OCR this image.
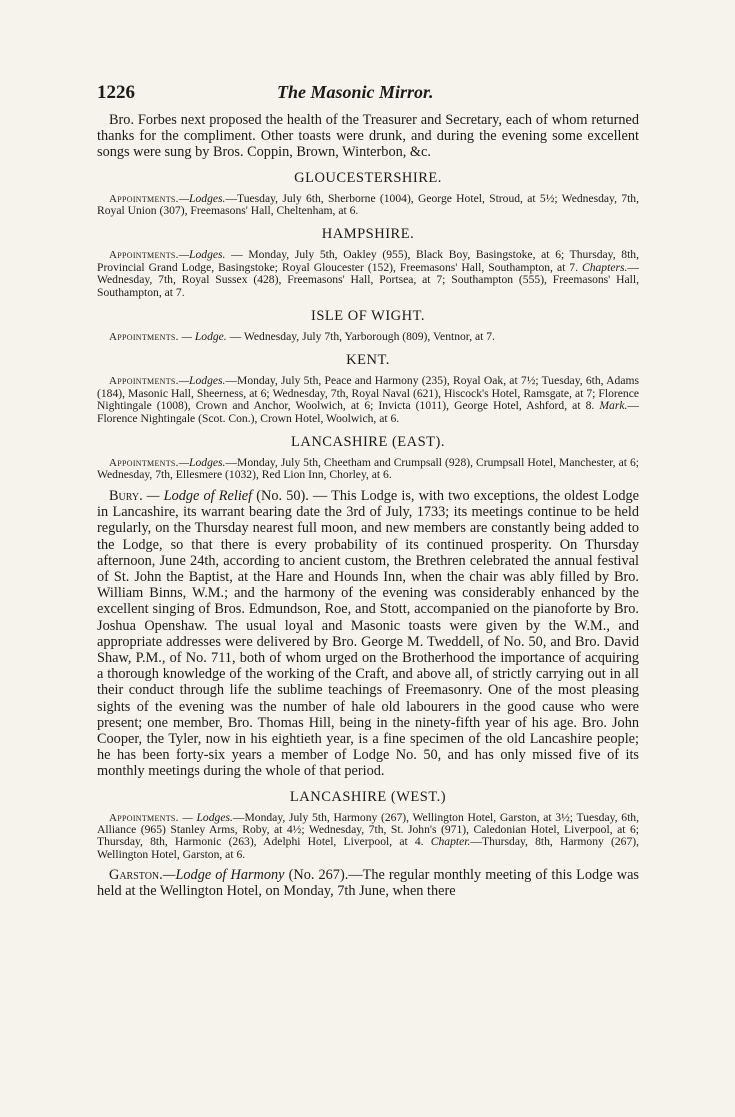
1226	The Masonic Mirror.

Bro. Forbes next proposed the health of the Treasurer and Secretary, each of whom returned thanks for the compliment. Other toasts were drunk, and during the evening some excellent songs were sung by Bros. Coppin, Brown, Winterbon, &c.

GLOUCESTERSHIRE.

Appointments.—Lodges.—Tuesday, July 6th, Sherborne (1004), George Hotel, Stroud, at 5½; Wednesday, 7th, Royal Union (307), Freemasons' Hall, Cheltenham, at 6.

HAMPSHIRE.

Appointments.—Lodges. — Monday, July 5th, Oakley (955), Black Boy, Basingstoke, at 6; Thursday, 8th, Provincial Grand Lodge, Basingstoke; Royal Gloucester (152), Freemasons' Hall, Southampton, at 7. Chapters.—Wednesday, 7th, Royal Sussex (428), Freemasons' Hall, Portsea, at 7; Southampton (555), Freemasons' Hall, Southampton, at 7.

ISLE OF WIGHT.

Appointments. — Lodge. — Wednesday, July 7th, Yarborough (809), Ventnor, at 7.

KENT.

Appointments.—Lodges.—Monday, July 5th, Peace and Harmony (235), Royal Oak, at 7½; Tuesday, 6th, Adams (184), Masonic Hall, Sheerness, at 6; Wednesday, 7th, Royal Naval (621), Hiscock's Hotel, Ramsgate, at 7; Florence Nightingale (1008), Crown and Anchor, Woolwich, at 6; Invicta (1011), George Hotel, Ashford, at 8. Mark.—Florence Nightingale (Scot. Con.), Crown Hotel, Woolwich, at 6.

LANCASHIRE (EAST).

Appointments.—Lodges.—Monday, July 5th, Cheetham and Crumpsall (928), Crumpsall Hotel, Manchester, at 6; Wednesday, 7th, Ellesmere (1032), Red Lion Inn, Chorley, at 6.

Bury. — Lodge of Relief (No. 50). — This Lodge is, with two exceptions, the oldest Lodge in Lancashire, its warrant bearing date the 3rd of July, 1733; its meetings continue to be held regularly, on the Thursday nearest full moon, and new members are constantly being added to the Lodge, so that there is every probability of its continued prosperity. On Thursday afternoon, June 24th, according to ancient custom, the Brethren celebrated the annual festival of St. John the Baptist, at the Hare and Hounds Inn, when the chair was ably filled by Bro. William Binns, W.M.; and the harmony of the evening was considerably enhanced by the excellent singing of Bros. Edmundson, Roe, and Stott, accompanied on the pianoforte by Bro. Joshua Openshaw. The usual loyal and Masonic toasts were given by the W.M., and appropriate addresses were delivered by Bro. George M. Tweddell, of No. 50, and Bro. David Shaw, P.M., of No. 711, both of whom urged on the Brotherhood the importance of acquiring a thorough knowledge of the working of the Craft, and above all, of strictly carrying out in all their conduct through life the sublime teachings of Freemasonry. One of the most pleasing sights of the evening was the number of hale old labourers in the good cause who were present; one member, Bro. Thomas Hill, being in the ninety-fifth year of his age. Bro. John Cooper, the Tyler, now in his eightieth year, is a fine specimen of the old Lancashire people; he has been forty-six years a member of Lodge No. 50, and has only missed five of its monthly meetings during the whole of that period.

LANCASHIRE (WEST.)

Appointments. — Lodges.—Monday, July 5th, Harmony (267), Wellington Hotel, Garston, at 3½; Tuesday, 6th, Alliance (965) Stanley Arms, Roby, at 4½; Wednesday, 7th, St. John's (971), Caledonian Hotel, Liverpool, at 6; Thursday, 8th, Harmonic (263), Adelphi Hotel, Liverpool, at 4. Chapter.—Thursday, 8th, Harmony (267), Wellington Hotel, Garston, at 6.

Garston.—Lodge of Harmony (No. 267).—The regular monthly meeting of this Lodge was held at the Wellington Hotel, on Monday, 7th June, when there
